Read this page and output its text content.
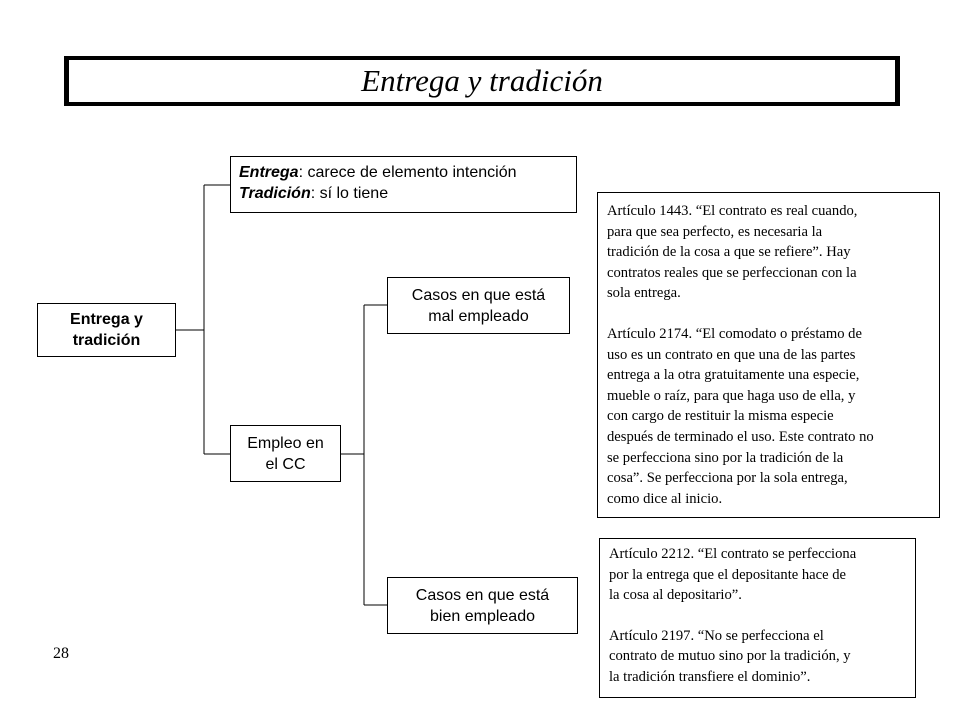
Entrega y tradición
Entrega y
tradición
Entrega: carece de elemento intención
Tradición: sí lo tiene
Empleo en
el CC
Casos en que está
mal empleado
Casos en que está
bien empleado

Artículo 1443. “El contrato es real cuando,
para que sea perfecto, es necesaria la
tradición de la cosa a que se refiere”. Hay
contratos reales que se perfeccionan con la
sola entrega.

Artículo 2174. “El comodato o préstamo de
uso es un contrato en que una de las partes
entrega a la otra gratuitamente una especie,
mueble o raíz, para que haga uso de ella, y
con cargo de restituir la misma especie
después de terminado el uso. Este contrato no
se perfecciona sino por la tradición de la
cosa”. Se perfecciona por la sola entrega,
como dice al inicio.

Artículo 2212. “El contrato se perfecciona
por la entrega que el depositante hace de
la cosa al depositario”.

Artículo 2197. “No se perfecciona el
contrato de mutuo sino por la tradición, y
la tradición transfiere el dominio”.

28
